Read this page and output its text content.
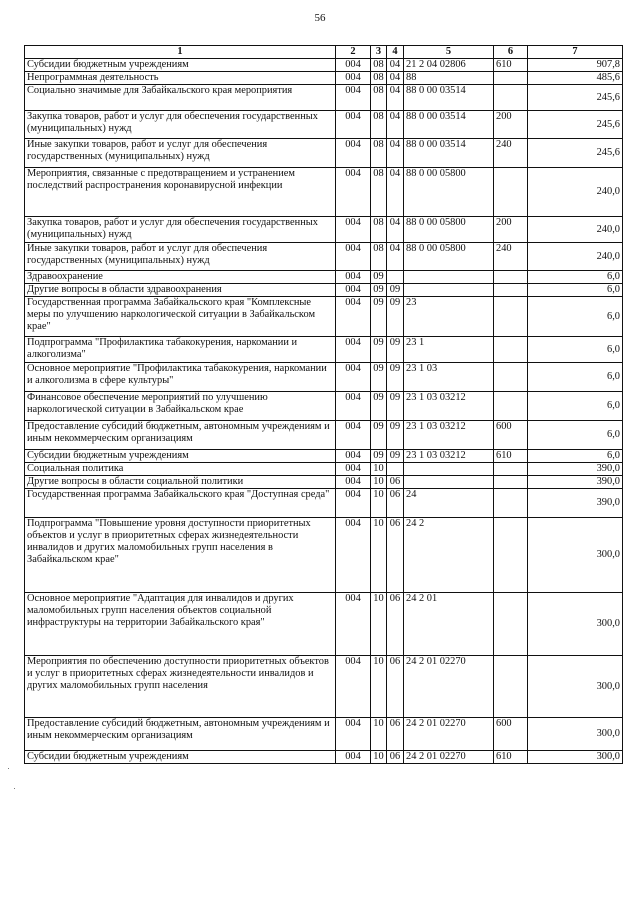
56
1	2	3	4	5	6	7
Субсидии бюджетным учреждениям	004	08	04	21 2 04 02806	610	907,8
Непрограммная деятельность	004	08	04	88		485,6
Социально значимые для Забайкальского края мероприятия	004	08	04	88 0 00 03514		245,6
Закупка товаров, работ и услуг для обеспечения государственных (муниципальных) нужд	004	08	04	88 0 00 03514	200	245,6
Иные закупки товаров, работ и услуг для обеспечения государственных (муниципальных) нужд	004	08	04	88 0 00 03514	240	245,6
Мероприятия, связанные с предотвращением и устранением последствий распространения коронавирусной инфекции	004	08	04	88 0 00 05800		240,0
Закупка товаров, работ и услуг для обеспечения государственных (муниципальных) нужд	004	08	04	88 0 00 05800	200	240,0
Иные закупки товаров, работ и услуг для обеспечения государственных (муниципальных) нужд	004	08	04	88 0 00 05800	240	240,0
Здравоохранение	004	09				6,0
Другие вопросы в области здравоохранения	004	09	09			6,0
Государственная программа Забайкальского края "Комплексные меры по улучшению наркологической ситуации в Забайкальском крае"	004	09	09	23		6,0
Подпрограмма "Профилактика табакокурения, наркомании и алкоголизма"	004	09	09	23 1		6,0
Основное мероприятие "Профилактика табакокурения, наркомании и алкоголизма в сфере культуры"	004	09	09	23 1 03		6,0
Финансовое обеспечение мероприятий по улучшению наркологической ситуации в Забайкальском крае	004	09	09	23 1 03 03212		6,0
Предоставление субсидий бюджетным, автономным учреждениям и иным некоммерческим организациям	004	09	09	23 1 03 03212	600	6,0
Субсидии бюджетным учреждениям	004	09	09	23 1 03 03212	610	6,0
Социальная политика	004	10				390,0
Другие вопросы в области социальной политики	004	10	06			390,0
Государственная программа Забайкальского края "Доступная среда"	004	10	06	24		390,0
Подпрограмма "Повышение уровня доступности приоритетных объектов и услуг в приоритетных сферах жизнедеятельности инвалидов и других маломобильных групп населения в Забайкальском крае"	004	10	06	24 2		300,0
Основное мероприятие "Адаптация для инвалидов и других маломобильных групп населения объектов социальной инфраструктуры на территории Забайкальского края"	004	10	06	24 2 01		300,0
Мероприятия по обеспечению доступности приоритетных объектов и услуг в приоритетных сферах жизнедеятельности инвалидов и других маломобильных групп населения	004	10	06	24 2 01 02270		300,0
Предоставление субсидий бюджетным, автономным учреждениям и иным некоммерческим организациям	004	10	06	24 2 01 02270	600	300,0
Субсидии бюджетным учреждениям	004	10	06	24 2 01 02270	610	300,0
